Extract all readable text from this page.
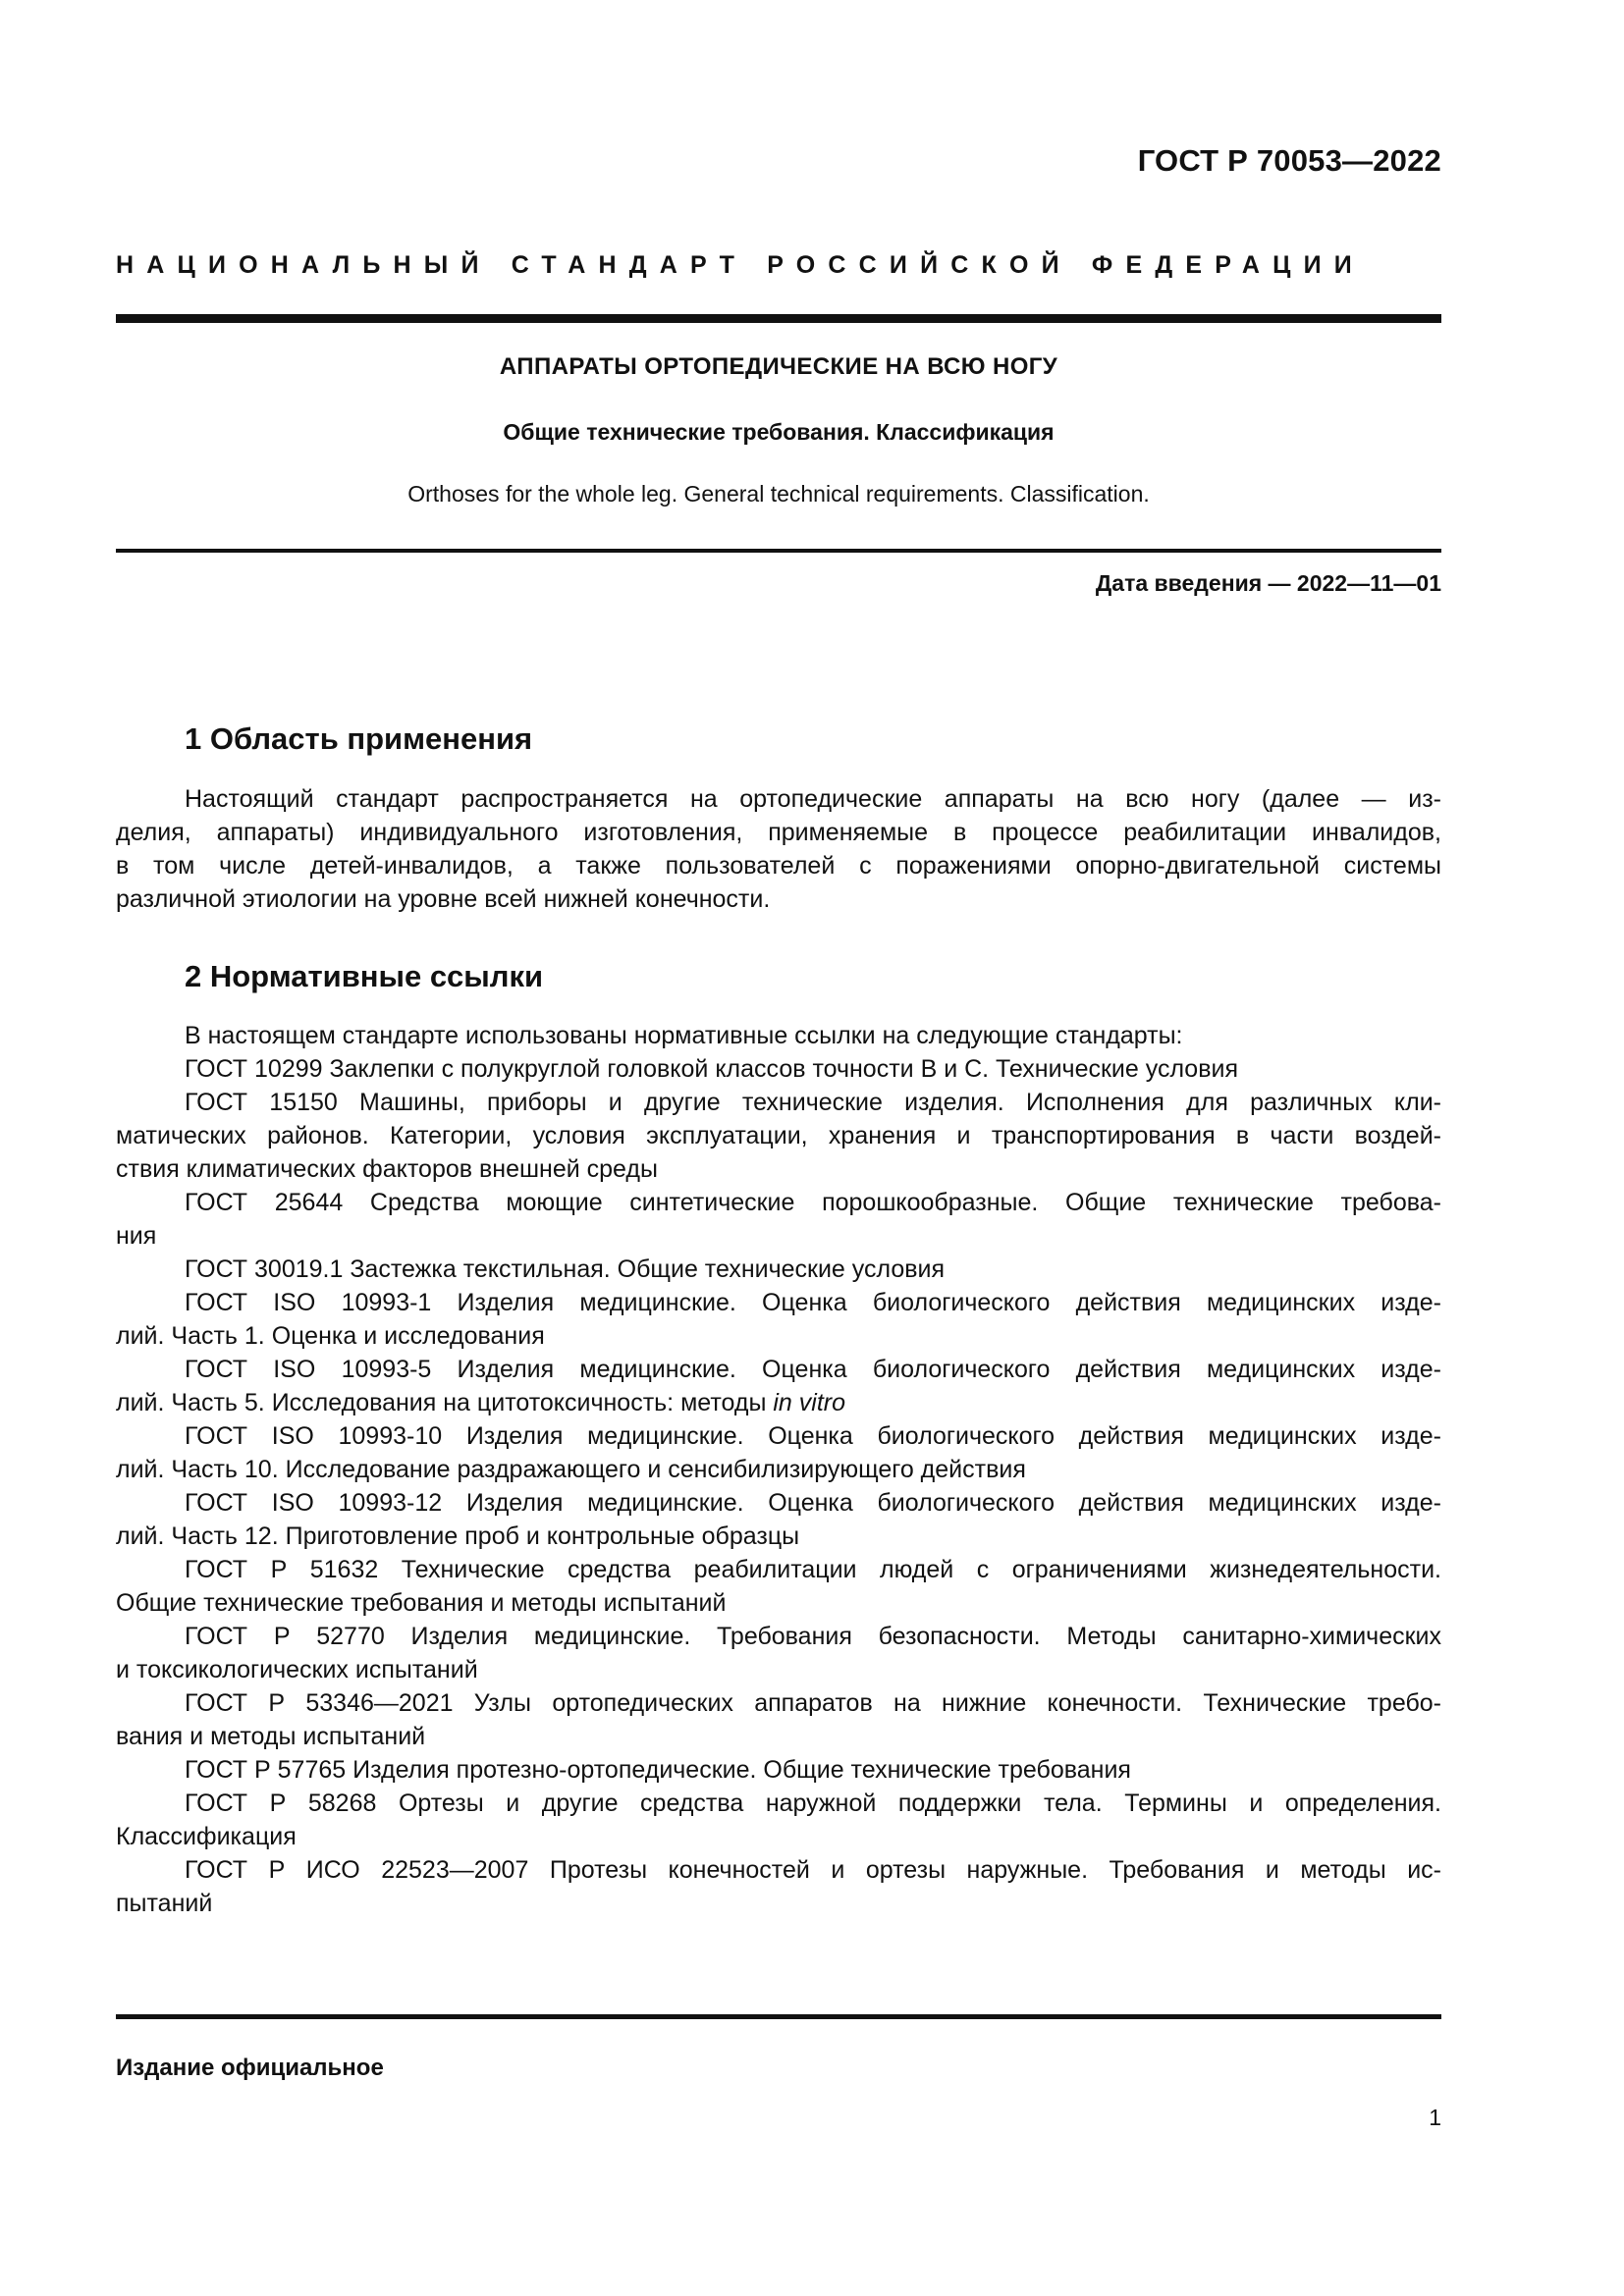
ГОСТ Р 70053—2022
НАЦИОНАЛЬНЫЙ СТАНДАРТ РОССИЙСКОЙ ФЕДЕРАЦИИ
АППАРАТЫ ОРТОПЕДИЧЕСКИЕ НА ВСЮ НОГУ
Общие технические требования. Классификация
Orthoses for the whole leg. General technical requirements. Classification.
Дата введения — 2022—11—01
1 Область применения
Настоящий стандарт распространяется на ортопедические аппараты на всю ногу (далее — из-
делия, аппараты) индивидуального изготовления, применяемые в процессе реабилитации инвалидов,
в том числе детей-инвалидов, а также пользователей с поражениями опорно-двигательной системы
различной этиологии на уровне всей нижней конечности.
2 Нормативные ссылки
В настоящем стандарте использованы нормативные ссылки на следующие стандарты:
ГОСТ 10299 Заклепки с полукруглой головкой классов точности В и С. Технические условия
ГОСТ 15150 Машины, приборы и другие технические изделия. Исполнения для различных кли-
матических районов. Категории, условия эксплуатации, хранения и транспортирования в части воздей-
ствия климатических факторов внешней среды
ГОСТ 25644 Средства моющие синтетические порошкообразные. Общие технические требова-
ния
ГОСТ 30019.1 Застежка текстильная. Общие технические условия
ГОСТ ISO 10993-1 Изделия медицинские. Оценка биологического действия медицинских изде-
лий. Часть 1. Оценка и исследования
ГОСТ ISO 10993-5 Изделия медицинские. Оценка биологического действия медицинских изде-
лий. Часть 5. Исследования на цитотоксичность: методы in vitro
ГОСТ ISO 10993-10 Изделия медицинские. Оценка биологического действия медицинских изде-
лий. Часть 10. Исследование раздражающего и сенсибилизирующего действия
ГОСТ ISO 10993-12 Изделия медицинские. Оценка биологического действия медицинских изде-
лий. Часть 12. Приготовление проб и контрольные образцы
ГОСТ Р 51632 Технические средства реабилитации людей с ограничениями жизнедеятельности.
Общие технические требования и методы испытаний
ГОСТ Р 52770 Изделия медицинские. Требования безопасности. Методы санитарно-химических
и токсикологических испытаний
ГОСТ Р 53346—2021 Узлы ортопедических аппаратов на нижние конечности. Технические требо-
вания и методы испытаний
ГОСТ Р 57765 Изделия протезно-ортопедические. Общие технические требования
ГОСТ Р 58268 Ортезы и другие средства наружной поддержки тела. Термины и определения.
Классификация
ГОСТ Р ИСО 22523—2007 Протезы конечностей и ортезы наружные. Требования и методы ис-
пытаний
Издание официальное
1
